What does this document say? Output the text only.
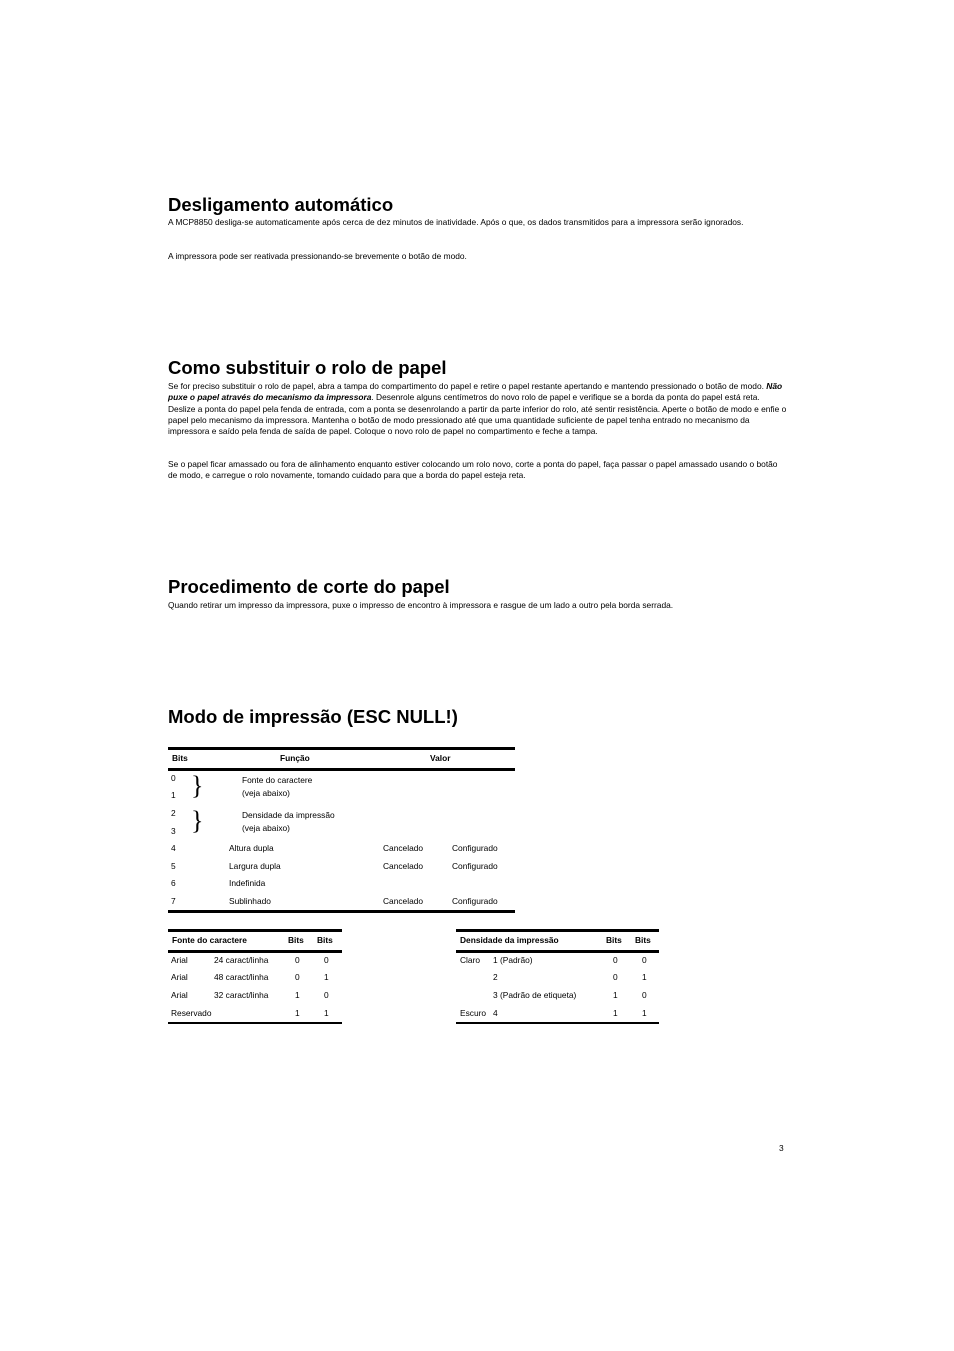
Desligamento automático

A MCP8850 desliga-se automaticamente após cerca de dez minutos de inatividade. Após o que, os dados transmitidos para a impressora serão ignorados.

A impressora pode ser reativada pressionando-se brevemente o botão de modo.

Como substituir o rolo de papel

Se for preciso substituir o rolo de papel, abra a tampa do compartimento do papel e retire o papel restante apertando e mantendo pressionado o botão de modo. Não puxe o papel através do mecanismo da impressora. Desenrole alguns centímetros do novo rolo de papel e verifique se a borda da ponta do papel está reta. Deslize a ponta do papel pela fenda de entrada, com a ponta se desenrolando a partir da parte inferior do rolo, até sentir resistência. Aperte o botão de modo e enfie o papel pelo mecanismo da impressora. Mantenha o botão de modo pressionado até que uma quantidade suficiente de papel tenha entrado no mecanismo da impressora e saído pela fenda de saída de papel. Coloque o novo rolo de papel no compartimento e feche a tampa.

Se o papel ficar amassado ou fora de alinhamento enquanto estiver colocando um rolo novo, corte a ponta do papel, faça passar o papel amassado usando o botão de modo, e carregue o rolo novamente, tomando cuidado para que a borda do papel esteja reta.

Procedimento de corte do papel

Quando retirar um impresso da impressora, puxe o impresso de encontro à impressora e rasgue de um lado a outro pela borda serrada.

Modo de impressão (ESC NULL!)
Bits	Função	Valor
0
1 }	Fonte do caractere
(veja abaixo)
2
3 }	Densidade da impressão
(veja abaixo)
4	Altura dupla	Cancelado	Configurado
5	Largura dupla	Cancelado	Configurado
6	Indefinida
7	Sublinhado	Cancelado	Configurado
Fonte do caractere	Bits Bits
Arial	24 caract/linha	0	0
Arial	48 caract/linha	0	1
Arial	32 caract/linha	1	0
Reservado	1	1
Densidade da impressão	Bits Bits
Claro 1 (Padrão)	0	0
2	0	1
3 (Padrão de etiqueta)	1	0
Escuro 4	1	1
3
